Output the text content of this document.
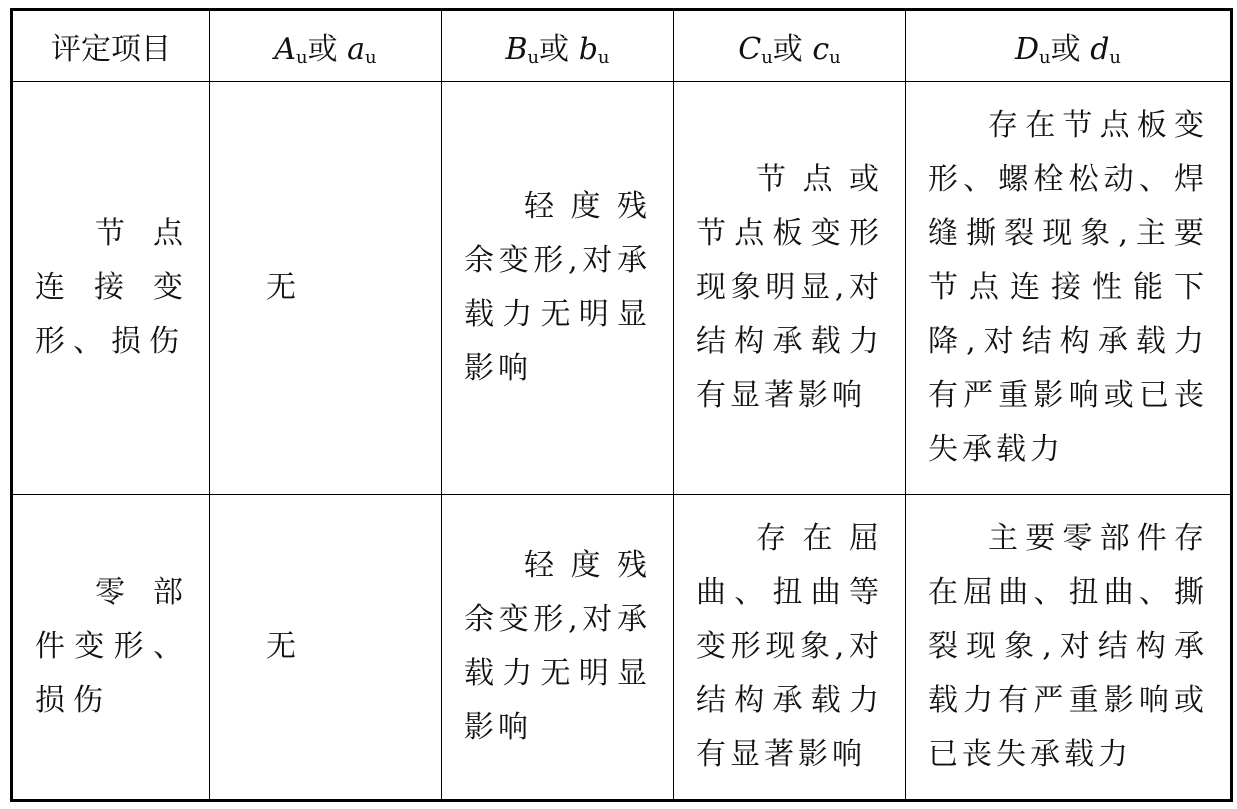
评定项目	$A_u$或 $a_u$	$B_u$或 $b_u$	$C_u$或 $c_u$	$D_u$或 $d_u$

节点连接变形、损伤	无	轻度残余变形,对承载力无明显影响	节点或节点板变形现象明显,对结构承载力有显著影响	存在节点板变形、螺栓松动、焊缝撕裂现象,主要节点连接性能下降,对结构承载力有严重影响或已丧失承载力

零部件变形、损伤	无	轻度残余变形,对承载力无明显影响	存在屈曲、扭曲等变形现象,对结构承载力有显著影响	主要零部件存在屈曲、扭曲、撕裂现象,对结构承载力有严重影响或已丧失承载力
